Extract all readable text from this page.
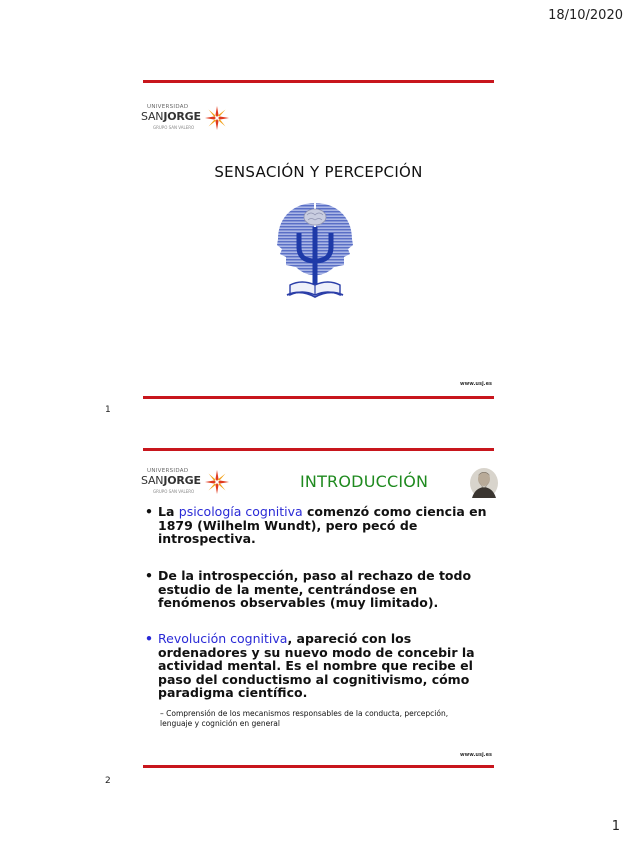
18/10/2020
1
UNIVERSIDAD
SANJORGE
GRUPO SAN VALERO
SENSACIÓN Y PERCEPCIÓN
www.usj.es
1
UNIVERSIDAD
SANJORGE
GRUPO SAN VALERO
INTRODUCCIÓN
• La psicología cognitiva comenzó como ciencia en 1879 (Wilhelm Wundt), pero pecó de introspectiva.
• De la introspección, paso al rechazo de todo estudio de la mente, centrándose en fenómenos observables (muy limitado).
• Revolución cognitiva, apareció con los ordenadores y su nuevo modo de concebir la actividad mental. Es el nombre que recibe el paso del conductismo al cognitivismo, cómo paradigma científico.
– Comprensión de los mecanismos responsables de la conducta, percepción, lenguaje y cognición en general
www.usj.es
2
